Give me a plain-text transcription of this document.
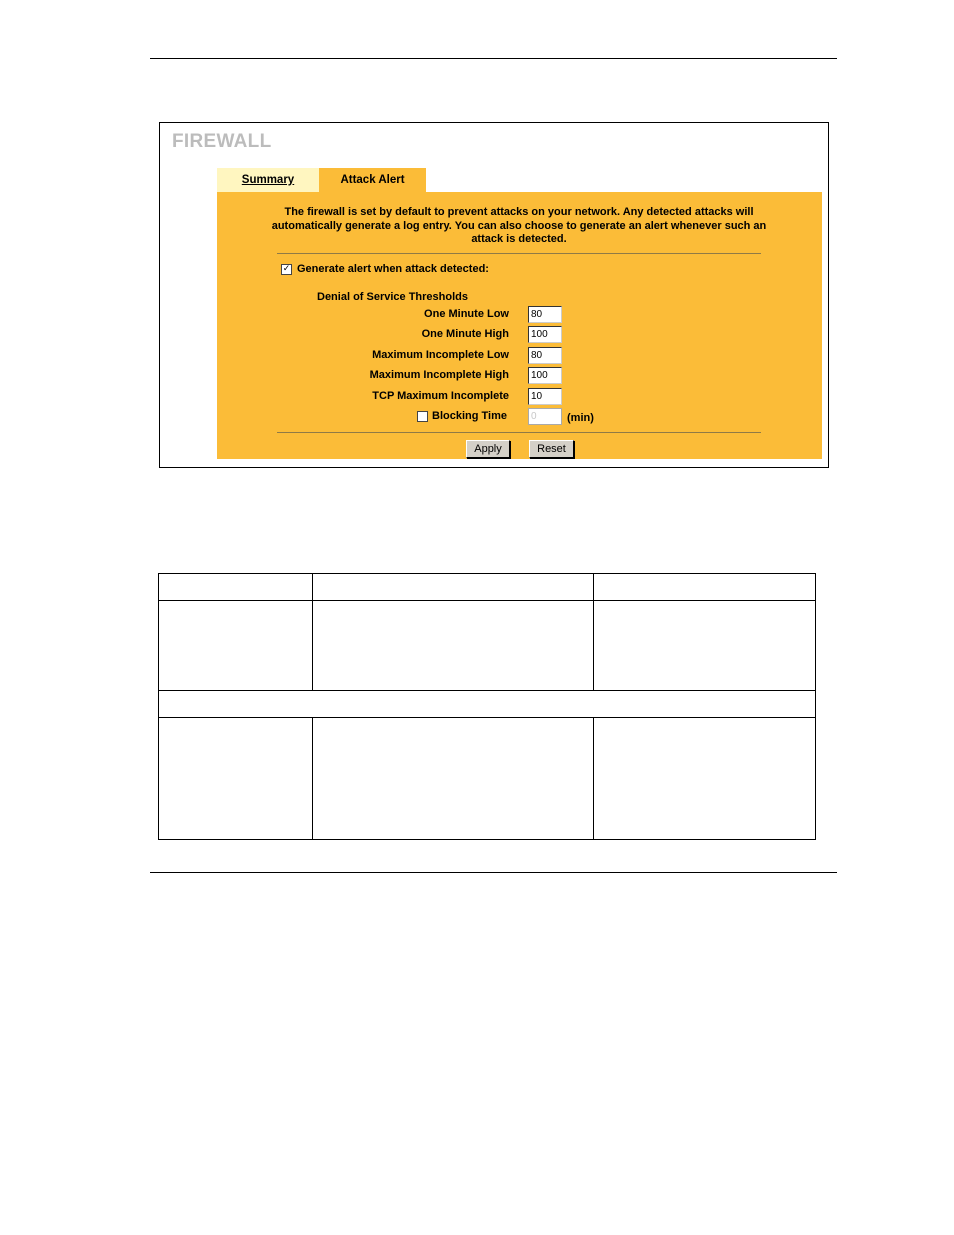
FIREWALL
Summary	Attack Alert
The firewall is set by default to prevent attacks on your network. Any detected attacks will automatically generate a log entry. You can also choose to generate an alert whenever such an attack is detected.
✓ Generate alert when attack detected:
Denial of Service Thresholds
One Minute Low	80
One Minute High	100
Maximum Incomplete Low	80
Maximum Incomplete High	100
TCP Maximum Incomplete	10
Blocking Time	0	(min)
Apply	Reset
